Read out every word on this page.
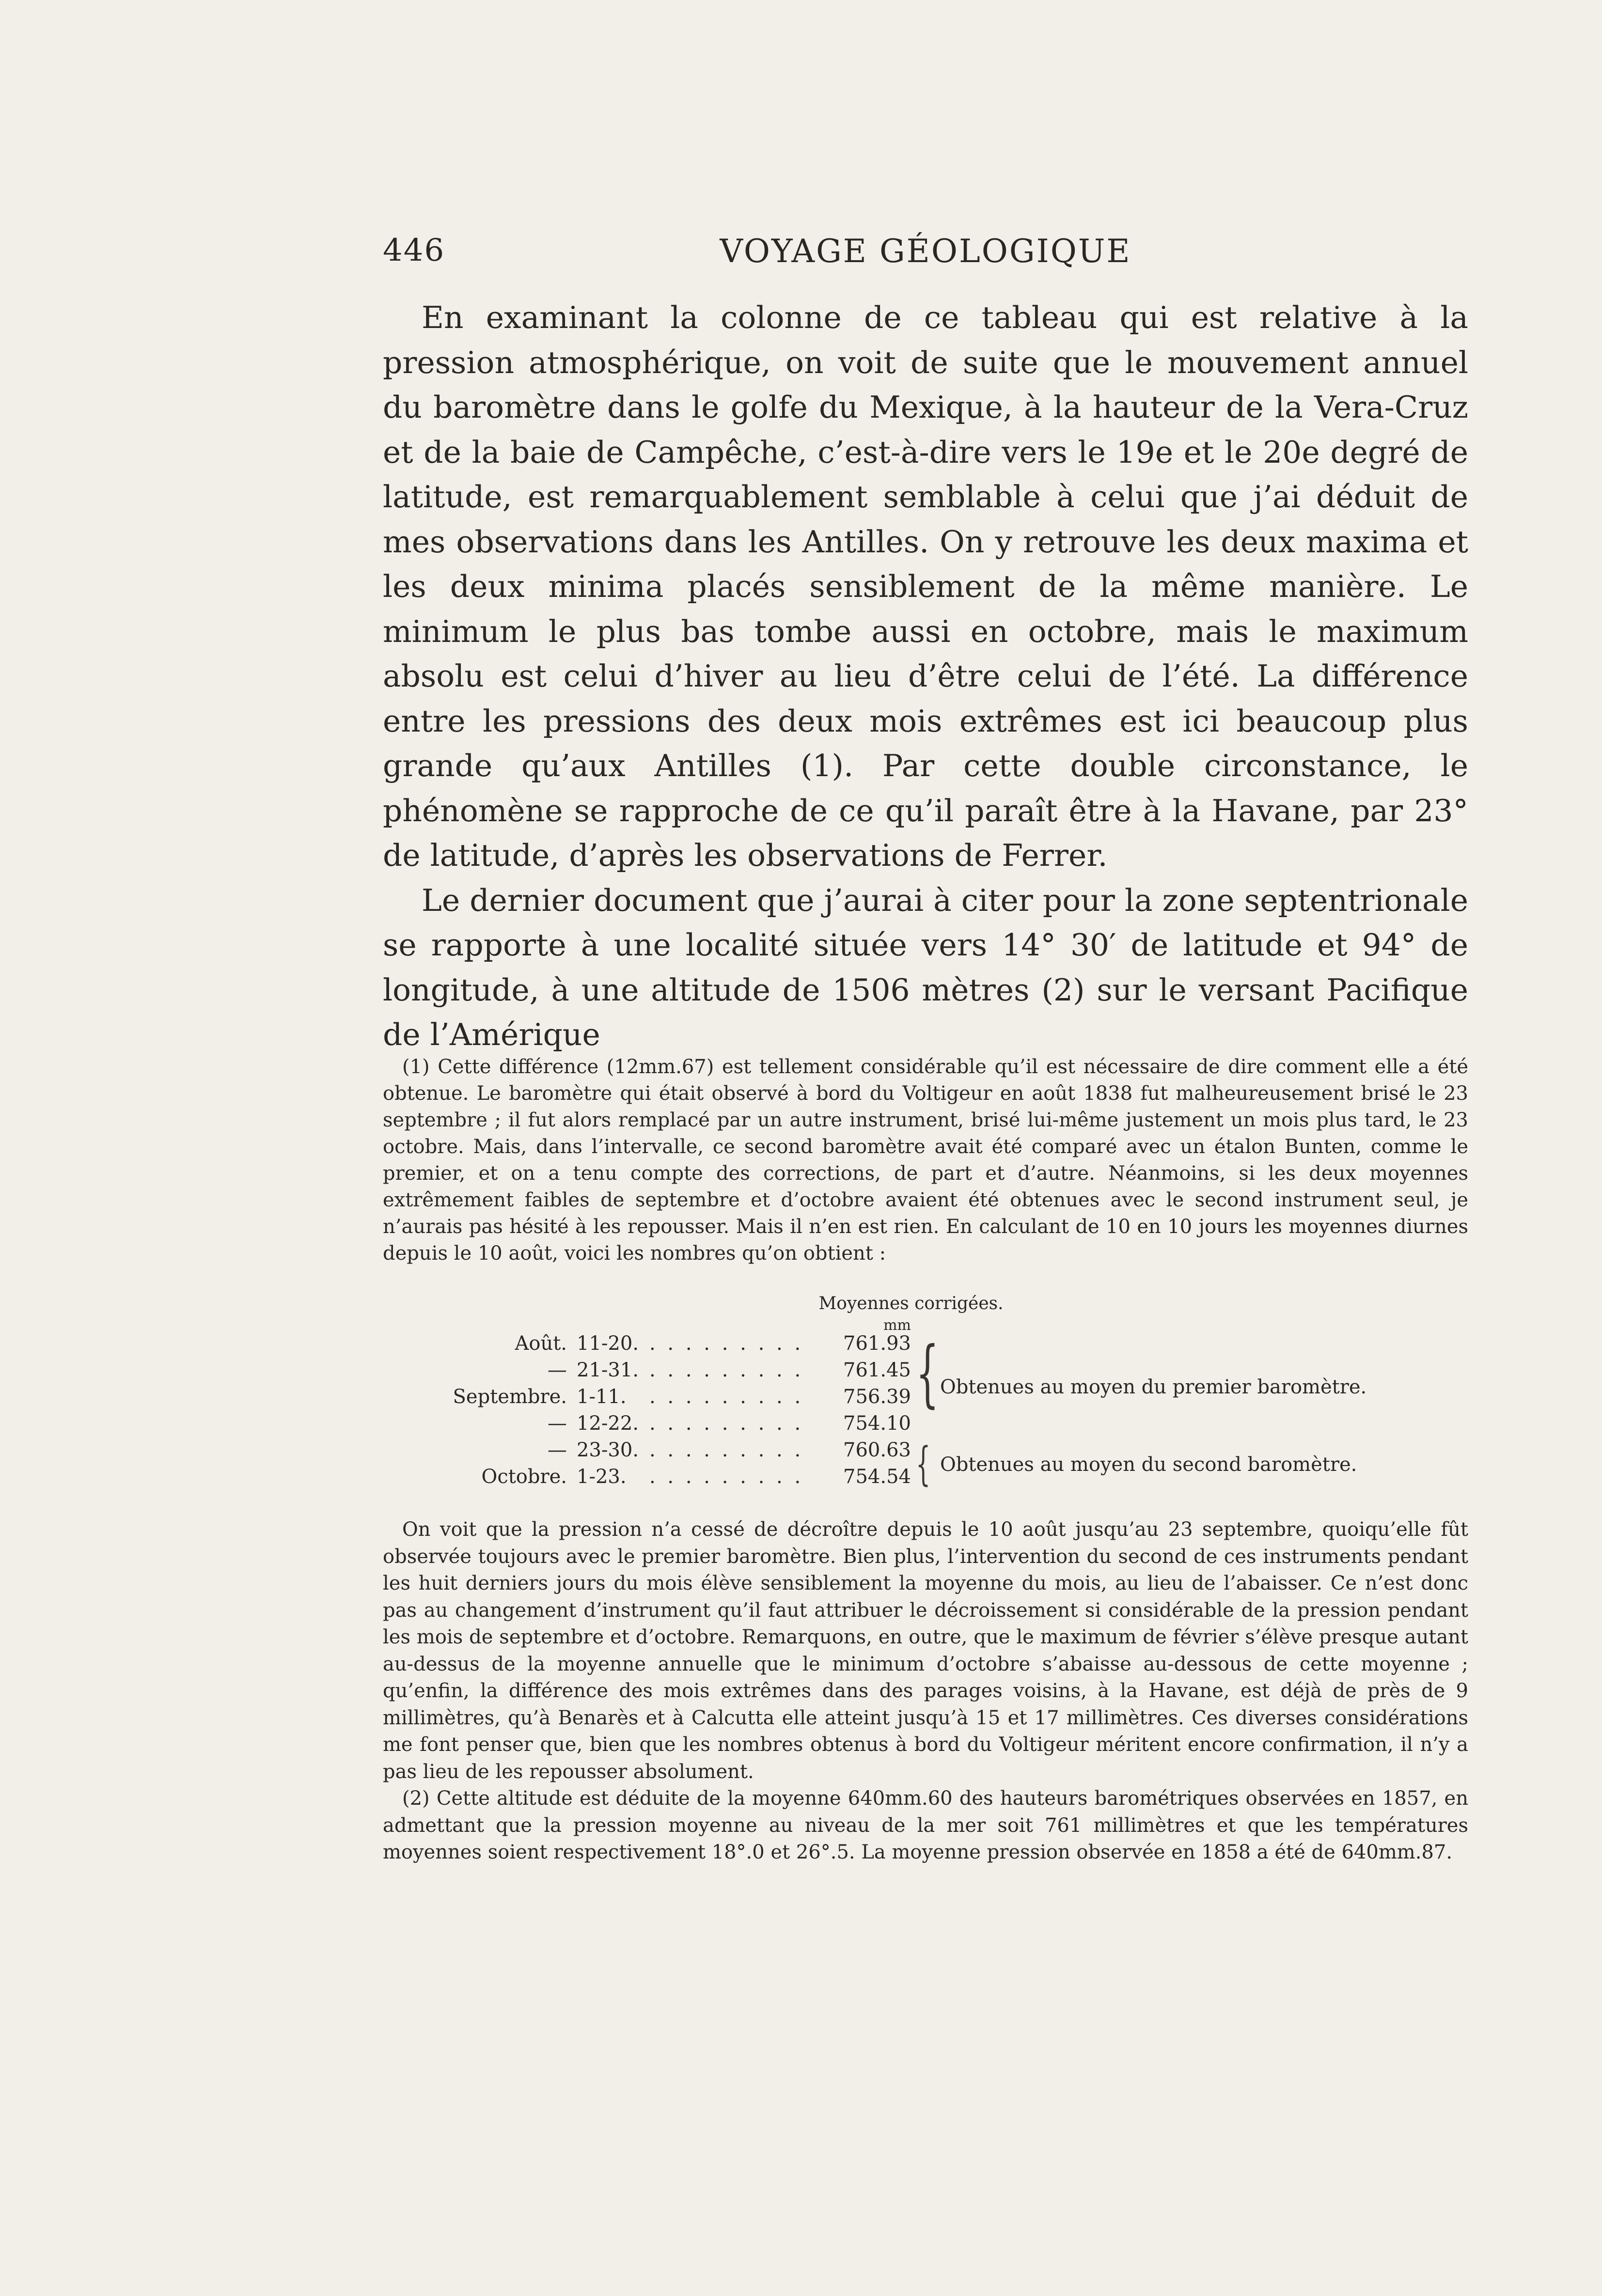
446	VOYAGE GÉOLOGIQUE

En examinant la colonne de ce tableau qui est relative à la pression atmosphérique, on voit de suite que le mouvement annuel du baromètre dans le golfe du Mexique, à la hauteur de la Vera-Cruz et de la baie de Campêche, c’est-à-dire vers le 19e et le 20e degré de latitude, est remarquablement semblable à celui que j’ai déduit de mes observations dans les Antilles. On y retrouve les deux maxima et les deux minima placés sensiblement de la même manière. Le minimum le plus bas tombe aussi en octobre, mais le maximum absolu est celui d’hiver au lieu d’être celui de l’été. La différence entre les pressions des deux mois extrêmes est ici beaucoup plus grande qu’aux Antilles (1). Par cette double circonstance, le phénomène se rapproche de ce qu’il paraît être à la Havane, par 23° de latitude, d’après les observations de Ferrer.

Le dernier document que j’aurai à citer pour la zone septentrionale se rapporte à une localité située vers 14° 30′ de latitude et 94° de longitude, à une altitude de 1506 mètres (2) sur le versant Pacifique de l’Amérique

(1) Cette différence (12mm.67) est tellement considérable qu’il est nécessaire de dire comment elle a été obtenue. Le baromètre qui était observé à bord du Voltigeur en août 1838 fut malheureusement brisé le 23 septembre ; il fut alors remplacé par un autre instrument, brisé lui-même justement un mois plus tard, le 23 octobre. Mais, dans l’intervalle, ce second baromètre avait été comparé avec un étalon Bunten, comme le premier, et on a tenu compte des corrections, de part et d’autre. Néanmoins, si les deux moyennes extrêmement faibles de septembre et d’octobre avaient été obtenues avec le second instrument seul, je n’aurais pas hésité à les repousser. Mais il n’en est rien. En calculant de 10 en 10 jours les moyennes diurnes depuis le 10 août, voici les nombres qu’on obtient :

Moyennes corrigées.
mm
Août. 11-20. . . . . . . . . .	761.93
— 21-31. . . . . . . . . .	761.45
Septembre. 1-11.	. . . . . . . . .	756.39
— 12-22. . . . . . . . . .	754.10
— 23-30. . . . . . . . . .	760.63
Octobre. 1-23.	. . . . . . . . .	754.54
{ Obtenues au moyen du premier baromètre.
{ Obtenues au moyen du second baromètre.

On voit que la pression n’a cessé de décroître depuis le 10 août jusqu’au 23 septembre, quoiqu’elle fût observée toujours avec le premier baromètre. Bien plus, l’intervention du second de ces instruments pendant les huit derniers jours du mois élève sensiblement la moyenne du mois, au lieu de l’abaisser. Ce n’est donc pas au changement d’instrument qu’il faut attribuer le décroissement si considérable de la pression pendant les mois de septembre et d’octobre. Remarquons, en outre, que le maximum de février s’élève presque autant au-dessus de la moyenne annuelle que le minimum d’octobre s’abaisse au-dessous de cette moyenne ; qu’enfin, la différence des mois extrêmes dans des parages voisins, à la Havane, est déjà de près de 9 millimètres, qu’à Benarès et à Calcutta elle atteint jusqu’à 15 et 17 millimètres. Ces diverses considérations me font penser que, bien que les nombres obtenus à bord du Voltigeur méritent encore confirmation, il n’y a pas lieu de les repousser absolument.

(2) Cette altitude est déduite de la moyenne 640mm.60 des hauteurs barométriques observées en 1857, en admettant que la pression moyenne au niveau de la mer soit 761 millimètres et que les températures moyennes soient respectivement 18°.0 et 26°.5. La moyenne pression observée en 1858 a été de 640mm.87.
